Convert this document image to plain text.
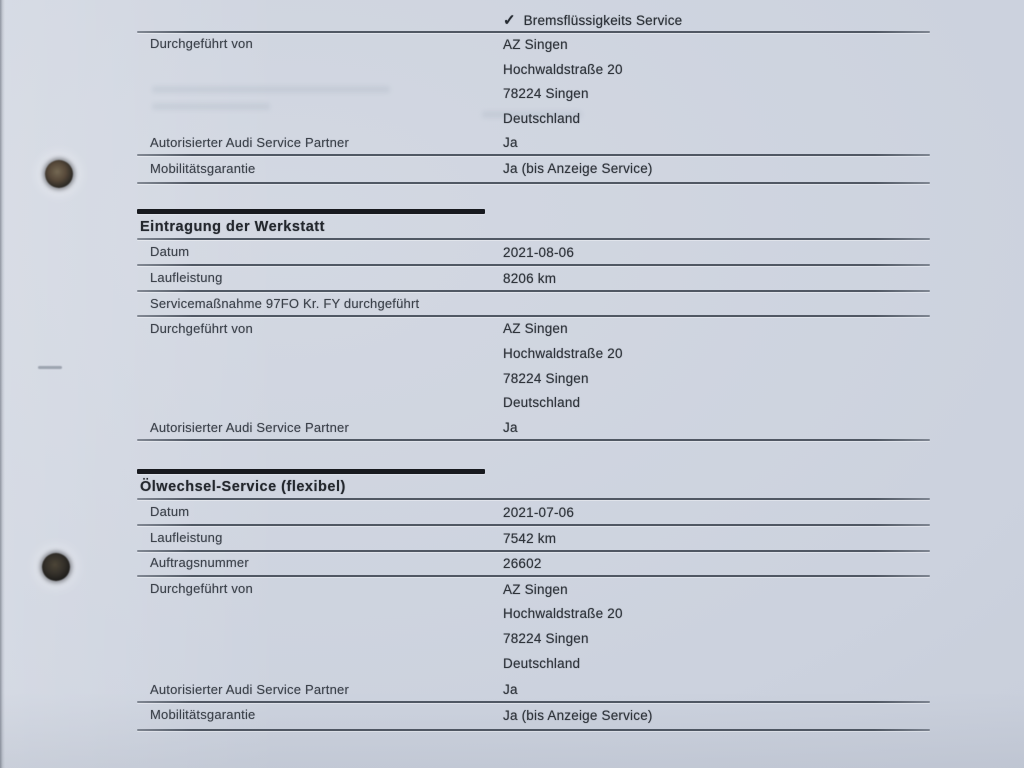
✓ Bremsflüssigkeits Service
Durchgeführt von	AZ Singen
Hochwaldstraße 20
78224 Singen
Deutschland
Autorisierter Audi Service Partner	Ja
Mobilitätsgarantie	Ja (bis Anzeige Service)
Eintragung der Werkstatt
Datum	2021-08-06
Laufleistung	8206 km
Servicemaßnahme 97FO Kr. FY durchgeführt
Durchgeführt von	AZ Singen
Hochwaldstraße 20
78224 Singen
Deutschland
Autorisierter Audi Service Partner	Ja
Ölwechsel-Service (flexibel)
Datum	2021-07-06
Laufleistung	7542 km
Auftragsnummer	26602
Durchgeführt von	AZ Singen
Hochwaldstraße 20
78224 Singen
Deutschland
Autorisierter Audi Service Partner	Ja
Mobilitätsgarantie	Ja (bis Anzeige Service)
